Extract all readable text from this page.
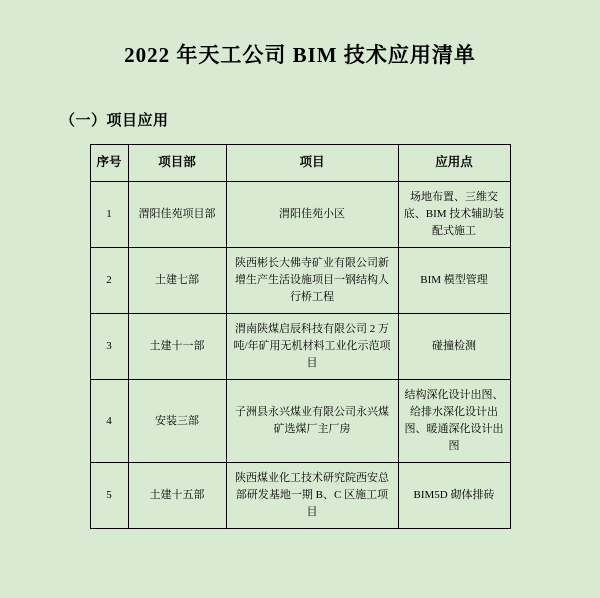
2022 年天工公司 BIM 技术应用清单
（一）项目应用
序号	项目部	项目	应用点
1	渭阳佳苑项目部	渭阳佳苑小区	场地布置、三维交底、BIM 技术辅助装配式施工
2	土建七部	陕西彬长大佛寺矿业有限公司新增生产生活设施项目一钢结构人行桥工程	BIM 模型管理
3	土建十一部	渭南陕煤启辰科技有限公司 2 万吨/年矿用无机材料工业化示范项目	碰撞检测
4	安装三部	子洲县永兴煤业有限公司永兴煤矿选煤厂主厂房	结构深化设计出图、给排水深化设计出图、暖通深化设计出图
5	土建十五部	陕西煤业化工技术研究院西安总部研发基地一期 B、C 区施工项目	BIM5D 砌体排砖
